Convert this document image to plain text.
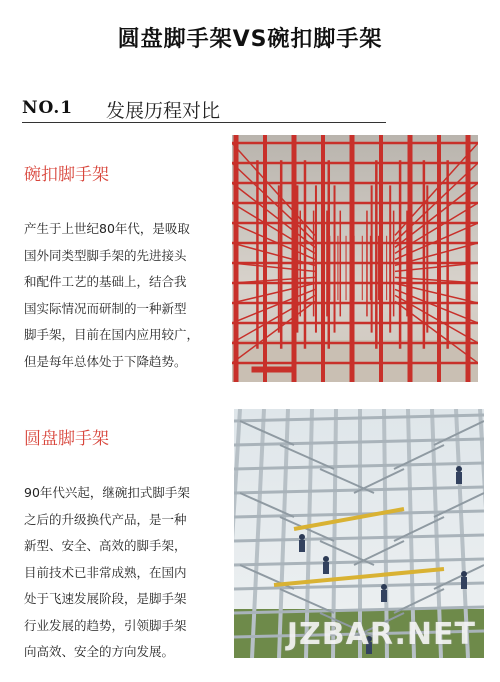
圆盘脚手架VS碗扣脚手架
NO.1 发展历程对比
碗扣脚手架
产生于上世纪80年代，是吸取
国外同类型脚手架的先进接头
和配件工艺的基础上，结合我
国实际情况而研制的一种新型
脚手架，目前在国内应用较广，
但是每年总体处于下降趋势。
圆盘脚手架
90年代兴起，继碗扣式脚手架
之后的升级换代产品，是一种
新型、安全、高效的脚手架，
目前技术已非常成熟，在国内
处于飞速发展阶段，是脚手架
行业发展的趋势，引领脚手架
向高效、安全的方向发展。	JZBAR.NET
